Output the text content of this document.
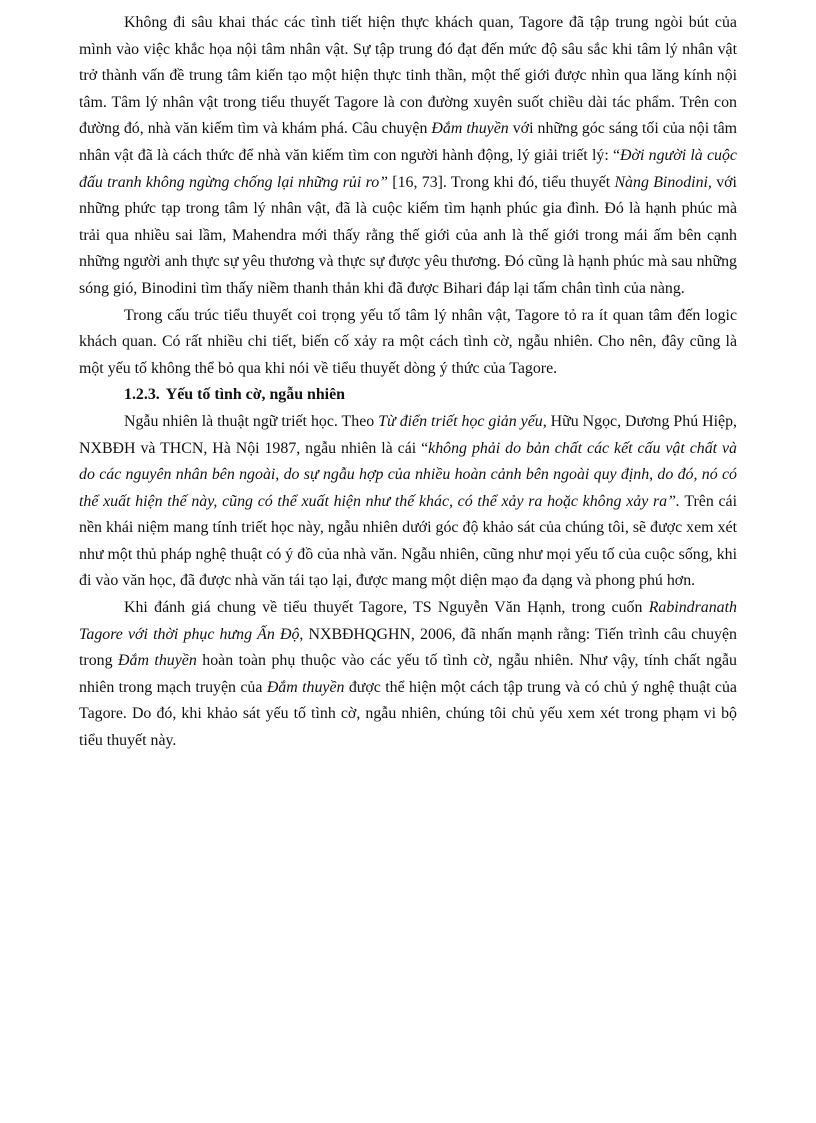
Không đi sâu khai thác các tình tiết hiện thực khách quan, Tagore đã tập trung ngòi bút của mình vào việc khắc họa nội tâm nhân vật. Sự tập trung đó đạt đến mức độ sâu sắc khi tâm lý nhân vật trở thành vấn đề trung tâm kiến tạo một hiện thực tinh thần, một thế giới được nhìn qua lăng kính nội tâm. Tâm lý nhân vật trong tiểu thuyết Tagore là con đường xuyên suốt chiều dài tác phẩm. Trên con đường đó, nhà văn kiếm tìm và khám phá. Câu chuyện Đắm thuyền với những góc sáng tối của nội tâm nhân vật đã là cách thức để nhà văn kiếm tìm con người hành động, lý giải triết lý: “Đời người là cuộc đấu tranh không ngừng chống lại những rủi ro” [16, 73]. Trong khi đó, tiểu thuyết Nàng Binodini, với những phức tạp trong tâm lý nhân vật, đã là cuộc kiếm tìm hạnh phúc gia đình. Đó là hạnh phúc mà trải qua nhiều sai lầm, Mahendra mới thấy rằng thế giới của anh là thế giới trong mái ấm bên cạnh những người anh thực sự yêu thương và thực sự được yêu thương. Đó cũng là hạnh phúc mà sau những sóng gió, Binodini tìm thấy niềm thanh thản khi đã được Bihari đáp lại tấm chân tình của nàng.

Trong cấu trúc tiểu thuyết coi trọng yếu tố tâm lý nhân vật, Tagore tỏ ra ít quan tâm đến logic khách quan. Có rất nhiều chi tiết, biến cố xảy ra một cách tình cờ, ngẫu nhiên. Cho nên, đây cũng là một yếu tố không thể bỏ qua khi nói về tiểu thuyết dòng ý thức của Tagore.

1.2.3. Yếu tố tình cờ, ngẫu nhiên

Ngẫu nhiên là thuật ngữ triết học. Theo Từ điển triết học giản yếu, Hữu Ngọc, Dương Phú Hiệp, NXBĐH và THCN, Hà Nội 1987, ngẫu nhiên là cái “không phải do bản chất các kết cấu vật chất và do các nguyên nhân bên ngoài, do sự ngẫu hợp của nhiều hoàn cảnh bên ngoài quy định, do đó, nó có thể xuất hiện thế này, cũng có thể xuất hiện như thế khác, có thể xảy ra hoặc không xảy ra”. Trên cái nền khái niệm mang tính triết học này, ngẫu nhiên dưới góc độ khảo sát của chúng tôi, sẽ được xem xét như một thủ pháp nghệ thuật có ý đồ của nhà văn. Ngẫu nhiên, cũng như mọi yếu tố của cuộc sống, khi đi vào văn học, đã được nhà văn tái tạo lại, được mang một diện mạo đa dạng và phong phú hơn.

Khi đánh giá chung về tiểu thuyết Tagore, TS Nguyễn Văn Hạnh, trong cuốn Rabindranath Tagore với thời phục hưng Ấn Độ, NXBĐHQGHN, 2006, đã nhấn mạnh rằng: Tiến trình câu chuyện trong Đắm thuyền hoàn toàn phụ thuộc vào các yếu tố tình cờ, ngẫu nhiên. Như vậy, tính chất ngẫu nhiên trong mạch truyện của Đắm thuyền được thể hiện một cách tập trung và có chủ ý nghệ thuật của Tagore. Do đó, khi khảo sát yếu tố tình cờ, ngẫu nhiên, chúng tôi chủ yếu xem xét trong phạm vi bộ tiểu thuyết này.
